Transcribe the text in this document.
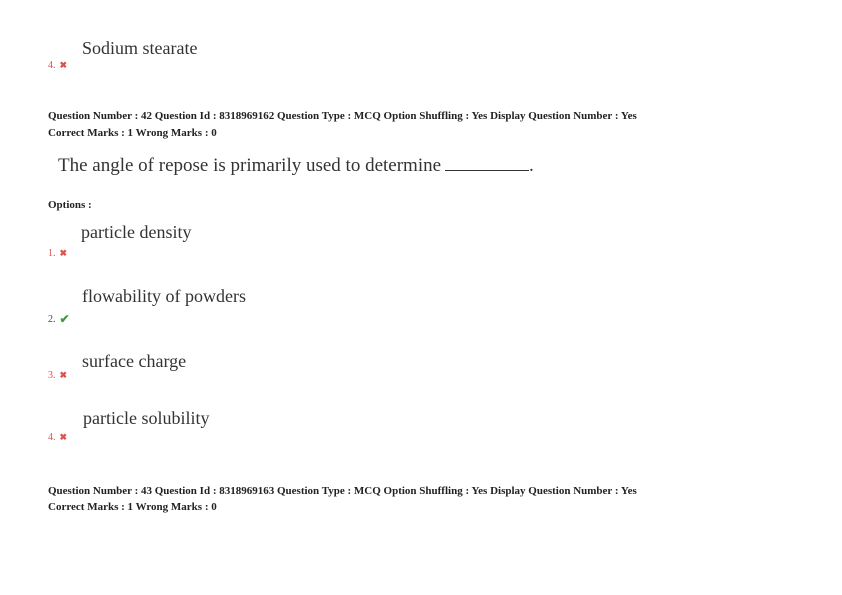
Sodium stearate
4. ✖
Question Number : 42 Question Id : 8318969162 Question Type : MCQ Option Shuffling : Yes Display Question Number : Yes
Correct Marks : 1 Wrong Marks : 0
The angle of repose is primarily used to determine	.
Options :
particle density
1. ✖
flowability of powders
2. ✔
surface charge
3. ✖
particle solubility
4. ✖
Question Number : 43 Question Id : 8318969163 Question Type : MCQ Option Shuffling : Yes Display Question Number : Yes
Correct Marks : 1 Wrong Marks : 0
